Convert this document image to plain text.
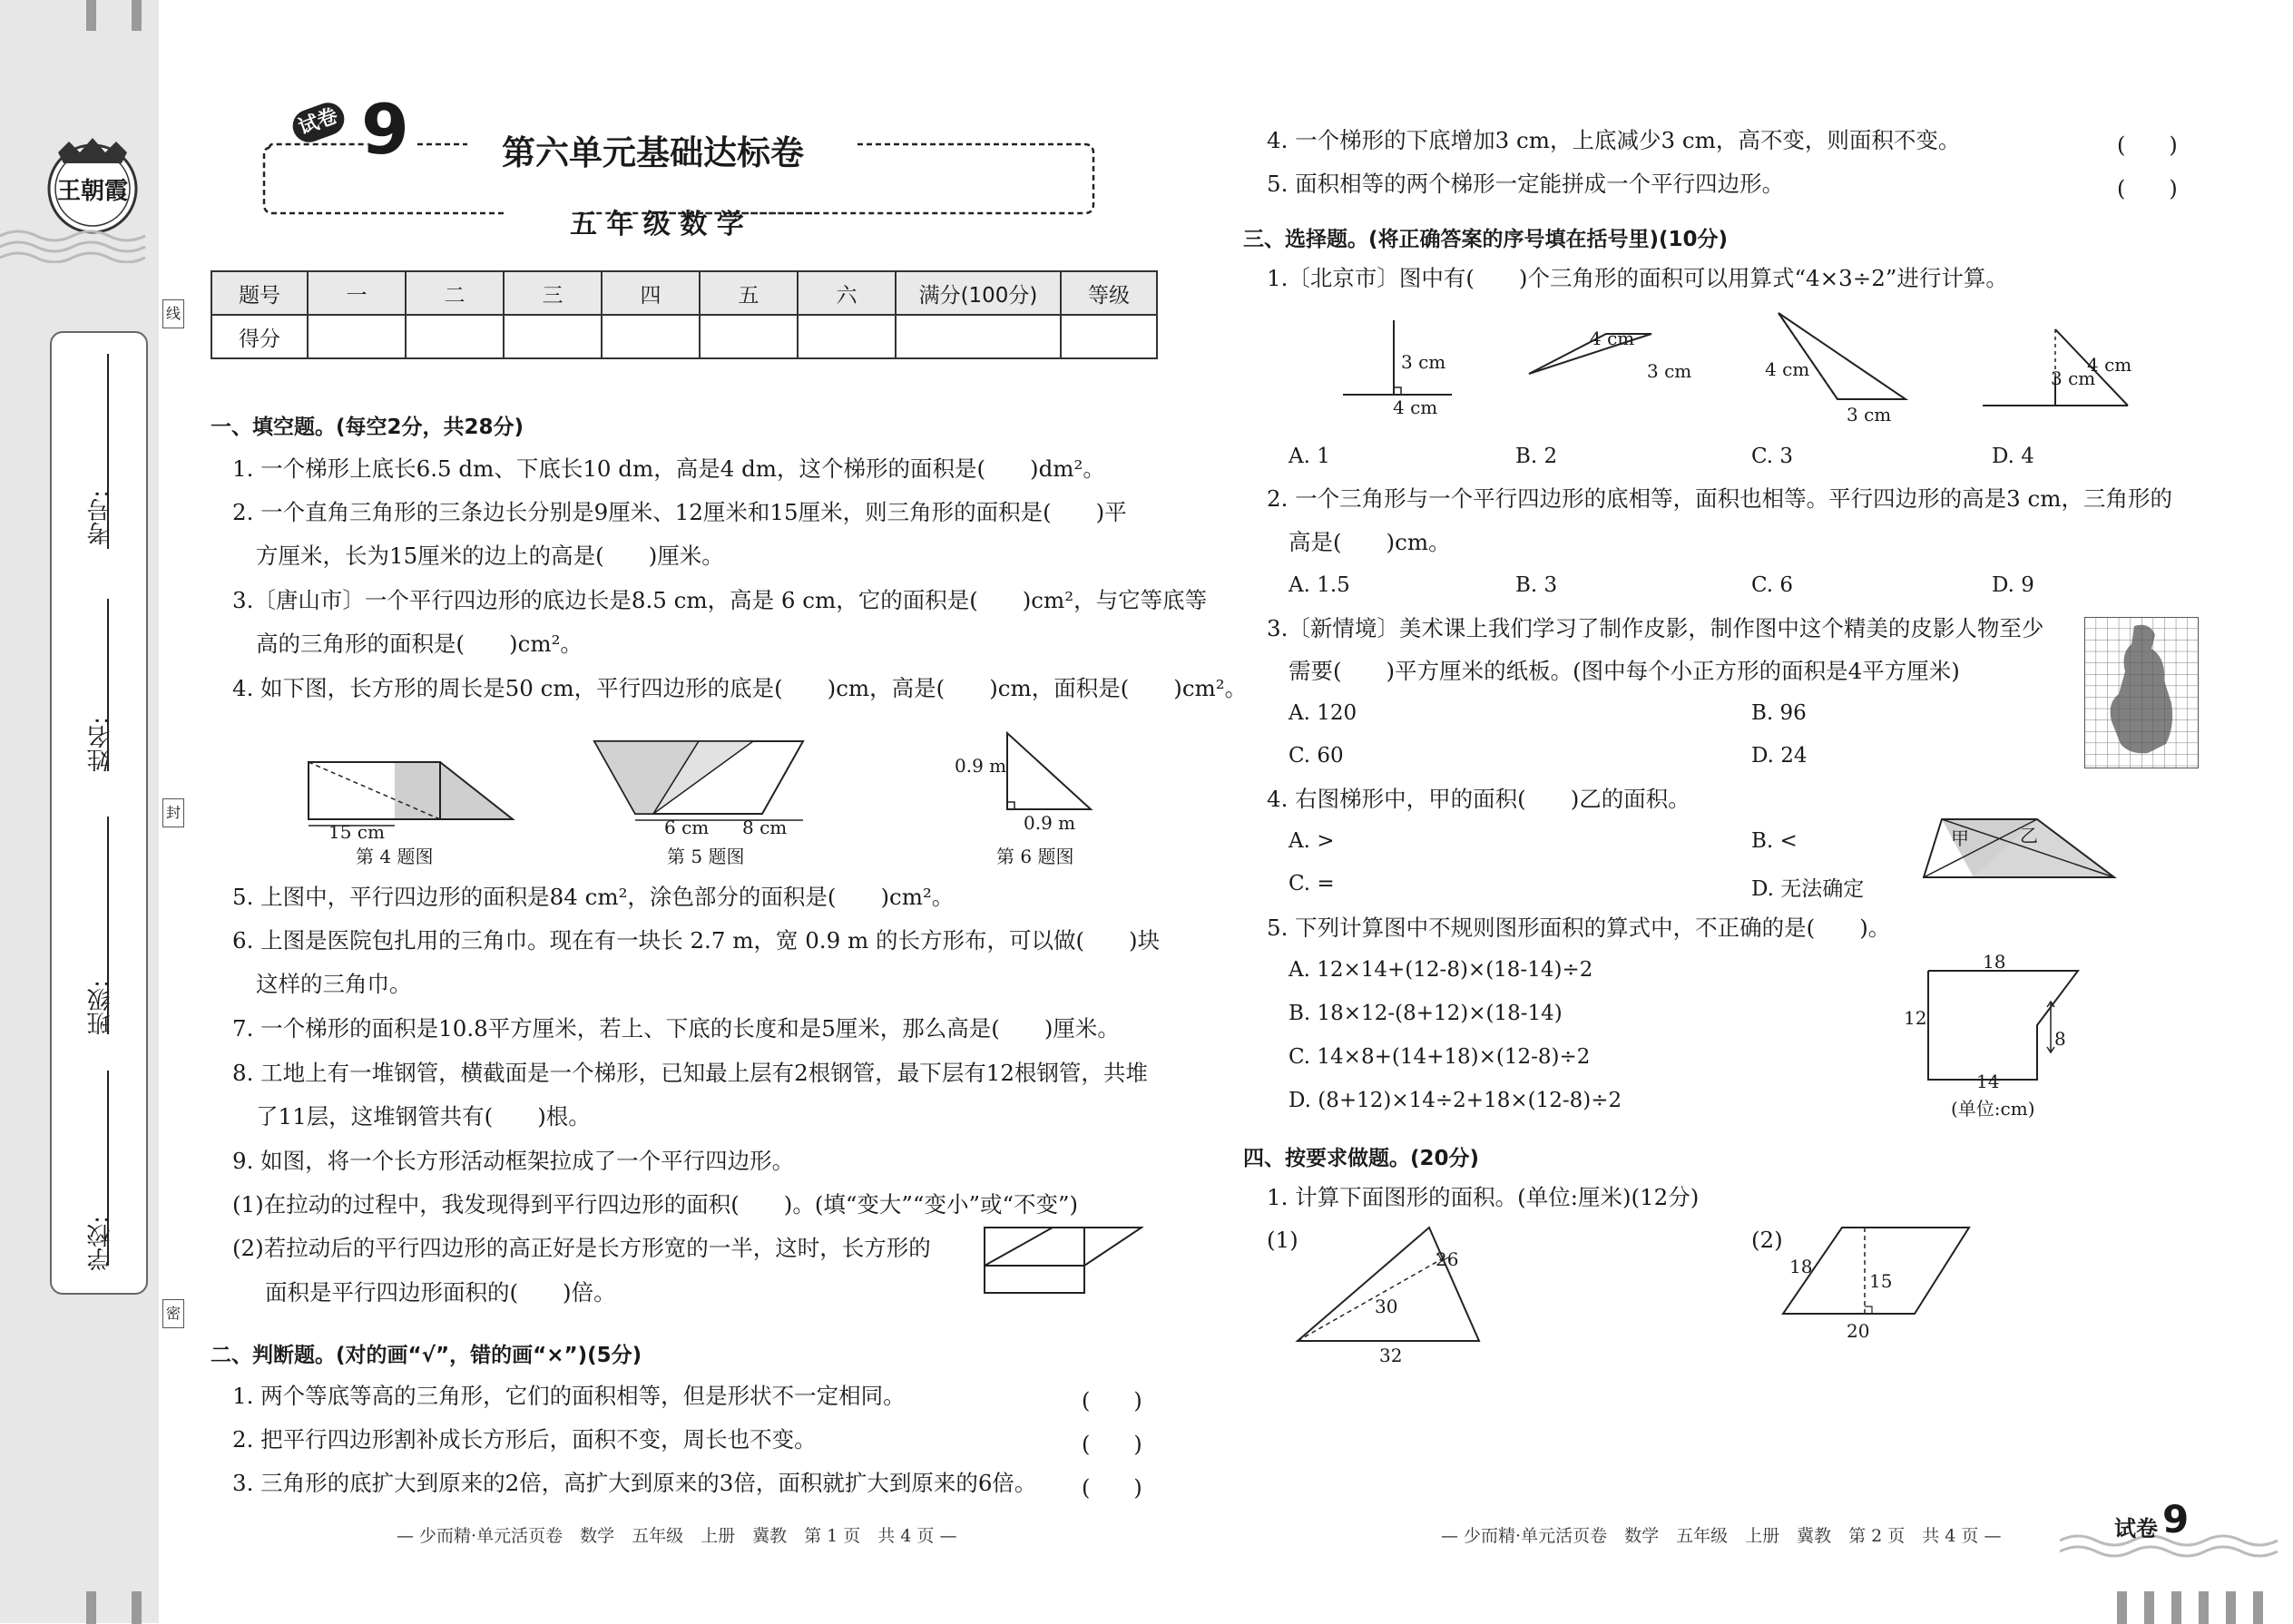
王朝霞
考号:
姓名:
班级:
学校:
线
封
密
试卷 9	第六单元基础达标卷
五 年 级 数 学
题号	一	二	三	四	五	六	满分(100分)	等级
得分								
一、填空题。(每空2分，共28分)
1. 一个梯形上底长6.5 dm、下底长10 dm，高是4 dm，这个梯形的面积是(　　)dm²。
2. 一个直角三角形的三条边长分别是9厘米、12厘米和15厘米，则三角形的面积是(　　)平
方厘米，长为15厘米的边上的高是(　　)厘米。
3.〔唐山市〕一个平行四边形的底边长是8.5 cm，高是 6 cm，它的面积是(　　)cm²，与它等底等
高的三角形的面积是(　　)cm²。
4. 如下图，长方形的周长是50 cm，平行四边形的底是(　　)cm，高是(　　)cm，面积是(　　)cm²。
15 cm
第 4 题图
6 cm 8 cm
第 5 题图
0.9 m
0.9 m
第 6 题图
5. 上图中，平行四边形的面积是84 cm²，涂色部分的面积是(　　)cm²。
6. 上图是医院包扎用的三角巾。现在有一块长 2.7 m，宽 0.9 m 的长方形布，可以做(　　)块
这样的三角巾。
7. 一个梯形的面积是10.8平方厘米，若上、下底的长度和是5厘米，那么高是(　　)厘米。
8. 工地上有一堆钢管，横截面是一个梯形，已知最上层有2根钢管，最下层有12根钢管，共堆
了11层，这堆钢管共有(　　)根。
9. 如图，将一个长方形活动框架拉成了一个平行四边形。
(1)在拉动的过程中，我发现得到平行四边形的面积(　　)。(填“变大”“变小”或“不变”)
(2)若拉动后的平行四边形的高正好是长方形宽的一半，这时，长方形的
面积是平行四边形面积的(　　)倍。
二、判断题。(对的画“√”，错的画“×”)(5分)
1. 两个等底等高的三角形，它们的面积相等，但是形状不一定相同。	(　　)
2. 把平行四边形割补成长方形后，面积不变，周长也不变。	(　　)
3. 三角形的底扩大到原来的2倍，高扩大到原来的3倍，面积就扩大到原来的6倍。 (　　)
— 少而精·单元活页卷　数学　五年级　上册　冀教　第 1 页　共 4 页 —
4. 一个梯形的下底增加3 cm，上底减少3 cm，高不变，则面积不变。	(　　)
5. 面积相等的两个梯形一定能拼成一个平行四边形。	(　　)
三、选择题。(将正确答案的序号填在括号里)(10分)
1.〔北京市〕图中有(　　)个三角形的面积可以用算式“4×3÷2”进行计算。
3 cm
4 cm
4 cm
3 cm	4 cm
3 cm
4 cm
3 cm
A. 1	B. 2	C. 3	D. 4
2. 一个三角形与一个平行四边形的底相等，面积也相等。平行四边形的高是3 cm，三角形的
高是(　　)cm。
A. 1.5	B. 3	C. 6	D. 9
3.〔新情境〕美术课上我们学习了制作皮影，制作图中这个精美的皮影人物至少
需要(　　)平方厘米的纸板。(图中每个小正方形的面积是4平方厘米)
A. 120	B. 96
C. 60	D. 24
4. 右图梯形中，甲的面积(　　)乙的面积。
A. >	B. <
C. =	D. 无法确定
甲	乙
5. 下列计算图中不规则图形面积的算式中，不正确的是(　　)。
A. 12×14+(12-8)×(18-14)÷2
B. 18×12-(8+12)×(18-14)
C. 14×8+(14+18)×(12-8)÷2
D. (8+12)×14÷2+18×(12-8)÷2
18
12
8
14
(单位:cm)
四、按要求做题。(20分)
1. 计算下面图形的面积。(单位:厘米)(12分)
(1)
26
30
32
(2)
18
15
20
— 少而精·单元活页卷　数学　五年级　上册　冀教　第 2 页　共 4 页 —	试卷 9
